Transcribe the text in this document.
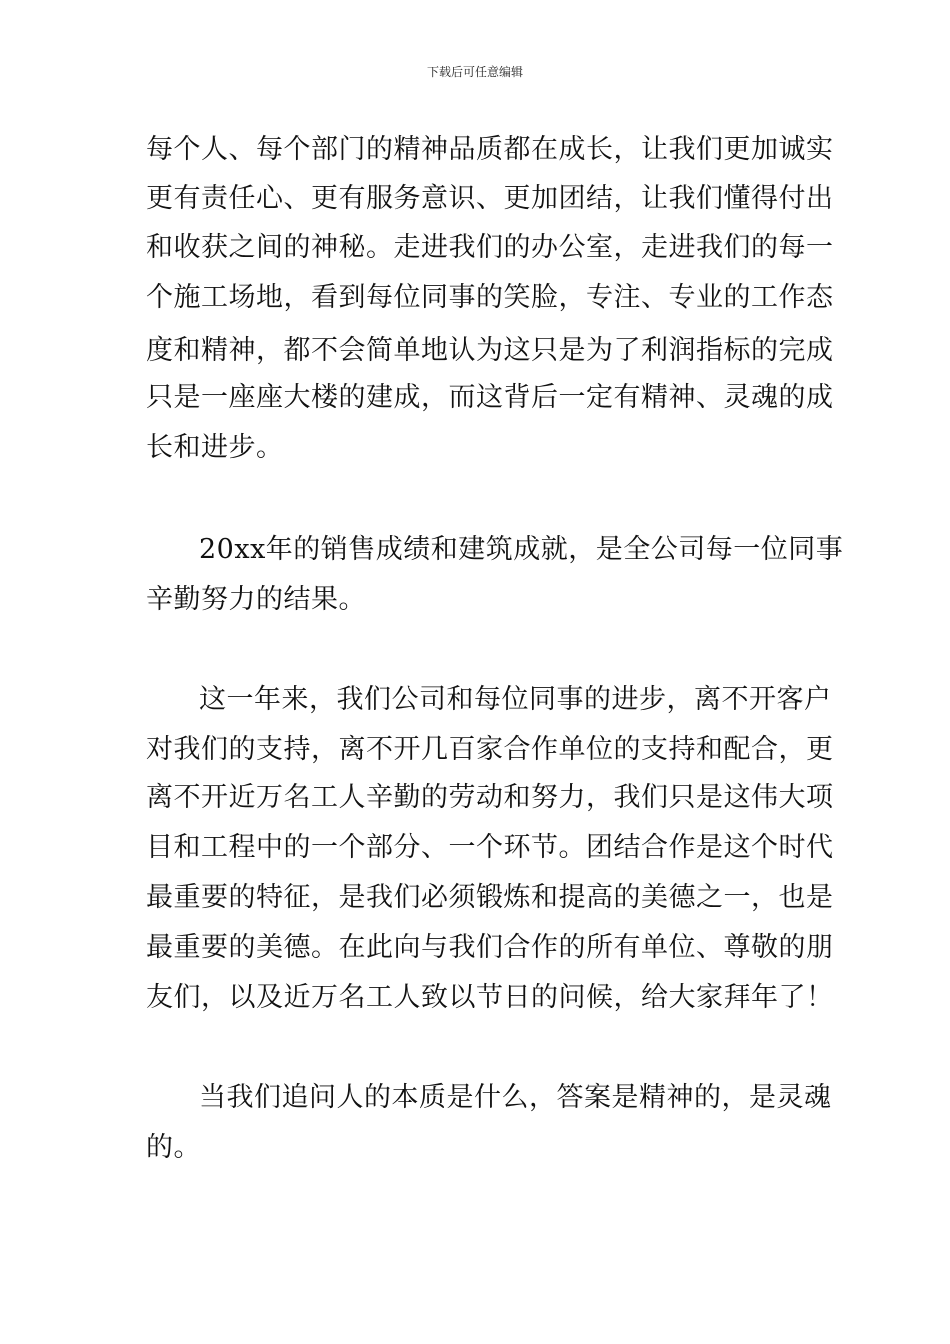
下载后可任意编辑
每个人、每个部门的精神品质都在成长，让我们更加诚实
更有责任心、更有服务意识、更加团结，让我们懂得付出
和收获之间的神秘。走进我们的办公室，走进我们的每一
个施工场地，看到每位同事的笑脸，专注、专业的工作态
度和精神，都不会简单地认为这只是为了利润指标的完成
只是一座座大楼的建成，而这背后一定有精神、灵魂的成
长和进步。
20xx年的销售成绩和建筑成就，是全公司每一位同事
辛勤努力的结果。
这一年来，我们公司和每位同事的进步，离不开客户
对我们的支持，离不开几百家合作单位的支持和配合，更
离不开近万名工人辛勤的劳动和努力，我们只是这伟大项
目和工程中的一个部分、一个环节。团结合作是这个时代
最重要的特征，是我们必须锻炼和提高的美德之一，也是
最重要的美德。在此向与我们合作的所有单位、尊敬的朋
友们，以及近万名工人致以节日的问候，给大家拜年了！
当我们追问人的本质是什么，答案是精神的，是灵魂
的。
